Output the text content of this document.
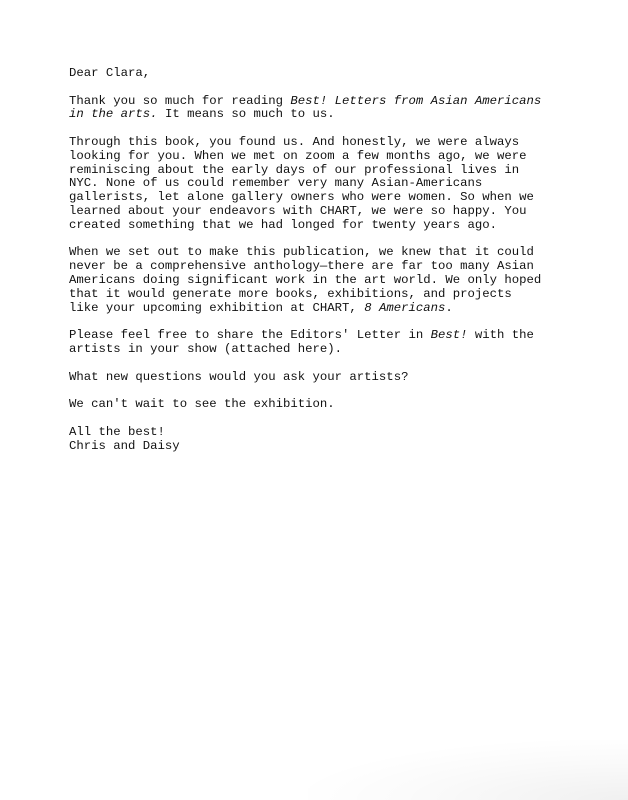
Dear Clara,
Thank you so much for reading Best! Letters from Asian Americans
in the arts. It means so much to us.
Through this book, you found us. And honestly, we were always
looking for you. When we met on zoom a few months ago, we were
reminiscing about the early days of our professional lives in
NYC. None of us could remember very many Asian-Americans
gallerists, let alone gallery owners who were women. So when we
learned about your endeavors with CHART, we were so happy. You
created something that we had longed for twenty years ago.
When we set out to make this publication, we knew that it could
never be a comprehensive anthology—there are far too many Asian
Americans doing significant work in the art world. We only hoped
that it would generate more books, exhibitions, and projects
like your upcoming exhibition at CHART, 8 Americans.
Please feel free to share the Editors' Letter in Best! with the
artists in your show (attached here).
What new questions would you ask your artists?
We can't wait to see the exhibition.
All the best!
Chris and Daisy
